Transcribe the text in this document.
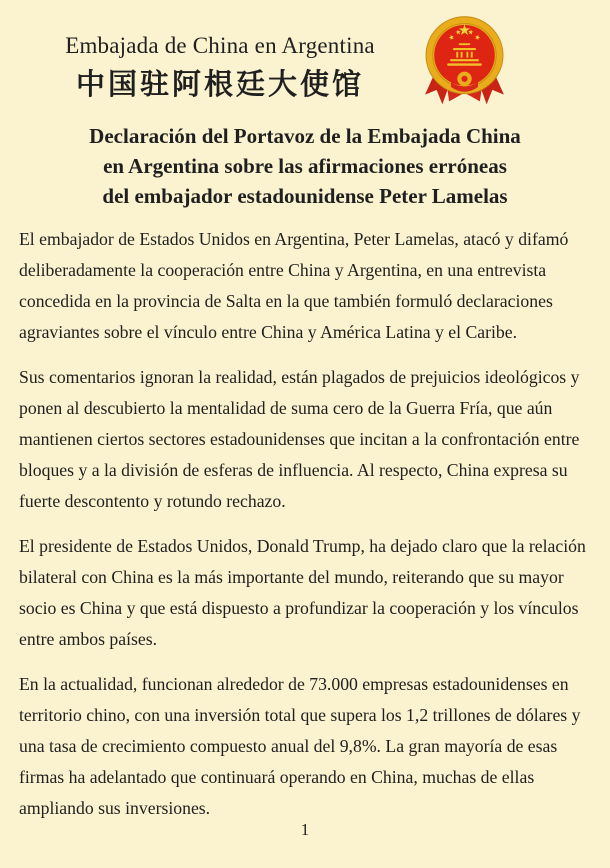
Embajada de China en Argentina
中国驻阿根廷大使馆
Declaración del Portavoz de la Embajada China
en Argentina sobre las afirmaciones erróneas
del embajador estadounidense Peter Lamelas

El embajador de Estados Unidos en Argentina, Peter Lamelas, atacó y difamó deliberadamente la cooperación entre China y Argentina, en una entrevista concedida en la provincia de Salta en la que también formuló declaraciones agraviantes sobre el vínculo entre China y América Latina y el Caribe.

Sus comentarios ignoran la realidad, están plagados de prejuicios ideológicos y ponen al descubierto la mentalidad de suma cero de la Guerra Fría, que aún mantienen ciertos sectores estadounidenses que incitan a la confrontación entre bloques y a la división de esferas de influencia. Al respecto, China expresa su fuerte descontento y rotundo rechazo.

El presidente de Estados Unidos, Donald Trump, ha dejado claro que la relación bilateral con China es la más importante del mundo, reiterando que su mayor socio es China y que está dispuesto a profundizar la cooperación y los vínculos entre ambos países.

En la actualidad, funcionan alrededor de 73.000 empresas estadounidenses en territorio chino, con una inversión total que supera los 1,2 trillones de dólares y una tasa de crecimiento compuesto anual del 9,8%. La gran mayoría de esas firmas ha adelantado que continuará operando en China, muchas de ellas ampliando sus inversiones.

1
